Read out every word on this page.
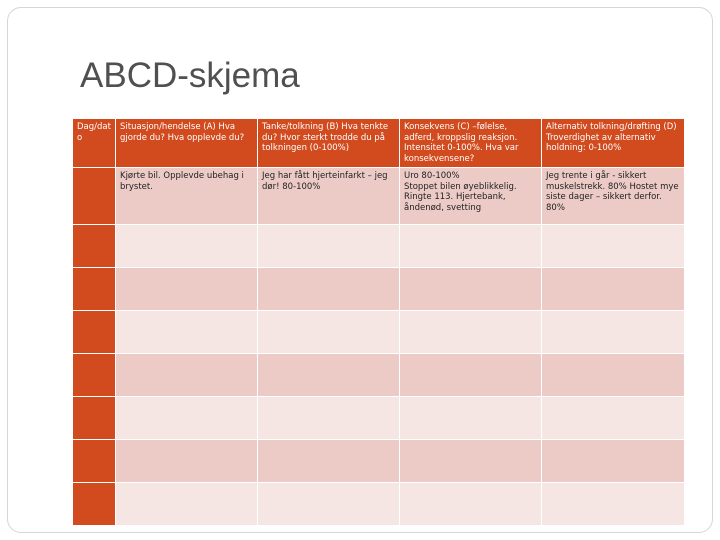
ABCD-skjema
Dag/dat o	Situasjon/hendelse (A) Hva gjorde du? Hva opplevde du?	Tanke/tolkning (B) Hva tenkte du? Hvor sterkt trodde du på tolkningen (0-100%)	Konsekvens (C) –følelse, adferd, kroppslig reaksjon. Intensitet 0-100%. Hva var konsekvensene?	Alternativ tolkning/drøfting (D) Troverdighet av alternativ holdning: 0-100%

	Kjørte bil. Opplevde ubehag i brystet.	Jeg har fått hjerteinfarkt – jeg dør! 80-100%	Uro 80-100%
Stoppet bilen øyeblikkelig. Ringte 113. Hjertebank, åndenød, svetting	Jeg trente i går - sikkert muskelstrekk. 80% Hostet mye siste dager – sikkert derfor. 80%
